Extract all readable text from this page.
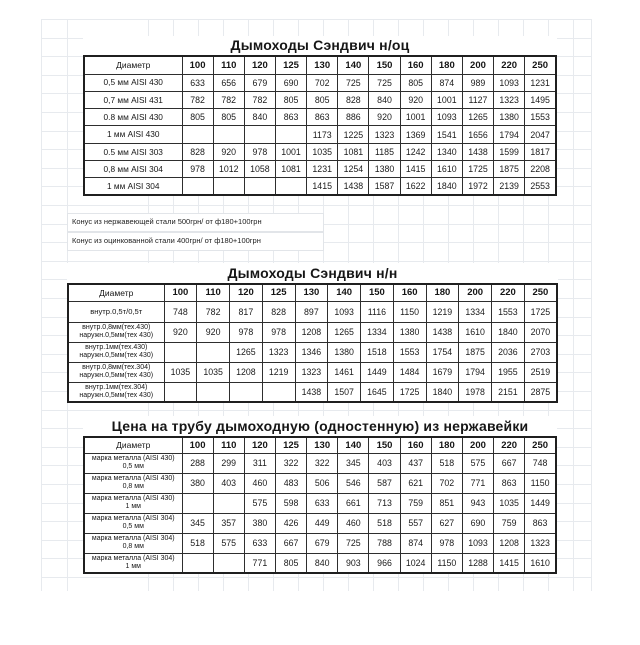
Дымоходы Сэндвич н/оц
Диаметр	100	110	120	125	130	140	150	160	180	200	220	250

0,5 мм AISI 430	633	656	679	690	702	725	725	805	874	989	1093	1231

0,7 мм AISI 431	782	782	782	805	805	828	840	920	1001	1127	1323	1495

0.8 мм AISI 430	805	805	840	863	863	886	920	1001	1093	1265	1380	1553

1 мм AISI 430					1173	1225	1323	1369	1541	1656	1794	2047

0.5 мм AISI 303	828	920	978	1001	1035	1081	1185	1242	1340	1438	1599	1817

0,8 мм AISI 304	978	1012	1058	1081	1231	1254	1380	1415	1610	1725	1875	2208

1 мм AISI 304					1415	1438	1587	1622	1840	1972	2139	2553
Конус из нержавеющей стали 500грн/ от ф180+100грн
Конус из оцинкованной стали 400грн/ от ф180+100грн
Дымоходы Сэндвич н/н
Диаметр	100	110	120	125	130	140	150	160	180	200	220	250

внутр.0,5т/0,5т	748	782	817	828	897	1093	1116	1150	1219	1334	1553	1725

внутр.0,8мм(тех.430)
наружн.0,5мм(тех 430)	920	920	978	978	1208	1265	1334	1380	1438	1610	1840	2070

внутр.1мм(тех.430)
наружн.0,5мм(тех 430)			1265	1323	1346	1380	1518	1553	1754	1875	2036	2703

внутр.0,8мм(тех.304)
наружн.0,5мм(тех 430)	1035	1035	1208	1219	1323	1461	1449	1484	1679	1794	1955	2519

внутр.1мм(тех.304)
наружн.0,5мм(тех 430)					1438	1507	1645	1725	1840	1978	2151	2875
Цена на трубу дымоходную (одностенную) из нержавейки
Диаметр	100	110	120	125	130	140	150	160	180	200	220	250

марка металла (AISI 430)
0,5 мм	288	299	311	322	322	345	403	437	518	575	667	748

марка металла (AISI 430)
0,8 мм	380	403	460	483	506	546	587	621	702	771	863	1150

марка металла (AISI 430)
1 мм			575	598	633	661	713	759	851	943	1035	1449

марка металла (AISI 304)
0,5 мм	345	357	380	426	449	460	518	557	627	690	759	863

марка металла (AISI 304)
0,8 мм	518	575	633	667	679	725	788	874	978	1093	1208	1323

марка металла (AISI 304)
1 мм			771	805	840	903	966	1024	1150	1288	1415	1610
